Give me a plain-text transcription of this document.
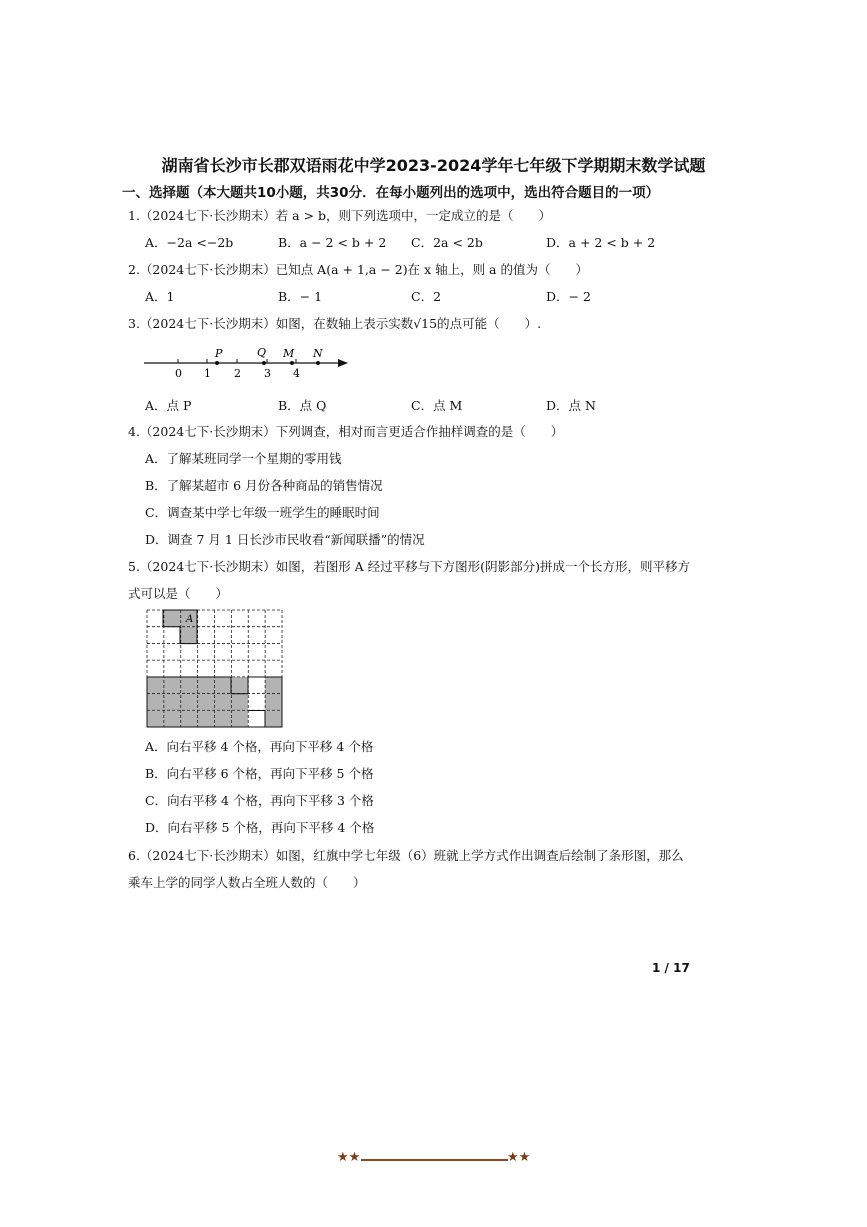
湖南省长沙市长郡双语雨花中学2023-2024学年七年级下学期期末数学试题
一、选择题（本大题共10小题，共30分．在每小题列出的选项中，选出符合题目的一项）
1.（2024七下·长沙期末）若 a > b，则下列选项中，一定成立的是（　　）
A．−2a <−2b	B．a − 2 < b + 2 C．2a < 2b	D．a + 2 < b + 2
2.（2024七下·长沙期末）已知点 A(a + 1,a − 2)在 x 轴上，则 a 的值为（　　）
A．1	B．− 1	C．2	D．− 2
3.（2024七下·长沙期末）如图，在数轴上表示实数√15的点可能（　　）.
0 1 2 3 4
P	Q M N
A．点 P	B．点 Q	C．点 M	D．点 N
4.（2024七下·长沙期末）下列调查，相对而言更适合作抽样调查的是（　　）
A．了解某班同学一个星期的零用钱
B．了解某超市 6 月份各种商品的销售情况
C．调查某中学七年级一班学生的睡眠时间
D．调查 7 月 1 日长沙市民收看“新闻联播”的情况
5.（2024七下·长沙期末）如图，若图形 A 经过平移与下方图形(阴影部分)拼成一个长方形，则平移方
式可以是（　　）
A
A．向右平移 4 个格，再向下平移 4 个格
B．向右平移 6 个格，再向下平移 5 个格
C．向右平移 4 个格，再向下平移 3 个格
D．向右平移 5 个格，再向下平移 4 个格
6.（2024七下·长沙期末）如图，红旗中学七年级（6）班就上学方式作出调查后绘制了条形图，那么
乘车上学的同学人数占全班人数的（　　）
1 / 17
★★	★★
